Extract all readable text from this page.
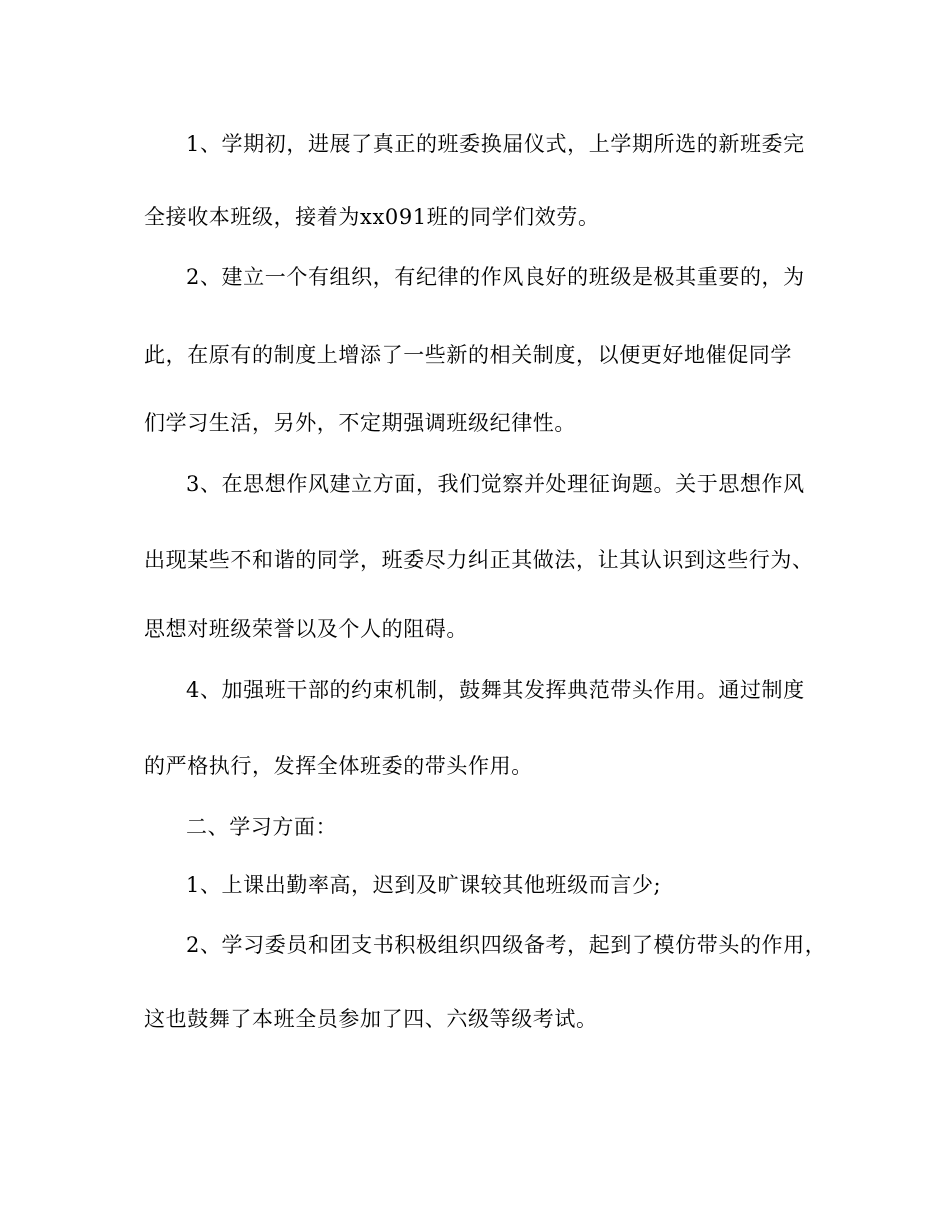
1、学期初，进展了真正的班委换届仪式，上学期所选的新班委完
全接收本班级，接着为xx091班的同学们效劳。
2、建立一个有组织，有纪律的作风良好的班级是极其重要的，为
此，在原有的制度上增添了一些新的相关制度，以便更好地催促同学
们学习生活，另外，不定期强调班级纪律性。
3、在思想作风建立方面，我们觉察并处理征询题。关于思想作风
出现某些不和谐的同学，班委尽力纠正其做法，让其认识到这些行为、
思想对班级荣誉以及个人的阻碍。
4、加强班干部的约束机制，鼓舞其发挥典范带头作用。通过制度
的严格执行，发挥全体班委的带头作用。
二、学习方面：
1、上课出勤率高，迟到及旷课较其他班级而言少;
2、学习委员和团支书积极组织四级备考，起到了模仿带头的作用，
这也鼓舞了本班全员参加了四、六级等级考试。
